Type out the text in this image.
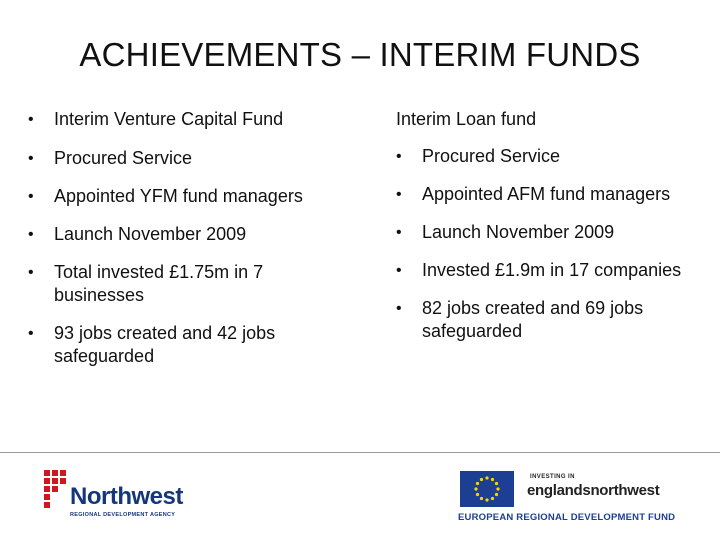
ACHIEVEMENTS – INTERIM FUNDS
• Interim Venture Capital Fund
• Procured Service
• Appointed YFM fund managers
• Launch November 2009
• Total invested £1.75m in 7 businesses
• 93 jobs created and 42 jobs safeguarded
Interim Loan fund
• Procured Service
• Appointed AFM fund managers
• Launch November 2009
• Invested £1.9m in 17 companies
• 82 jobs created and 69 jobs safeguarded
Northwest
REGIONAL DEVELOPMENT AGENCY
INVESTING IN
englandsnorthwest
EUROPEAN REGIONAL DEVELOPMENT FUND
